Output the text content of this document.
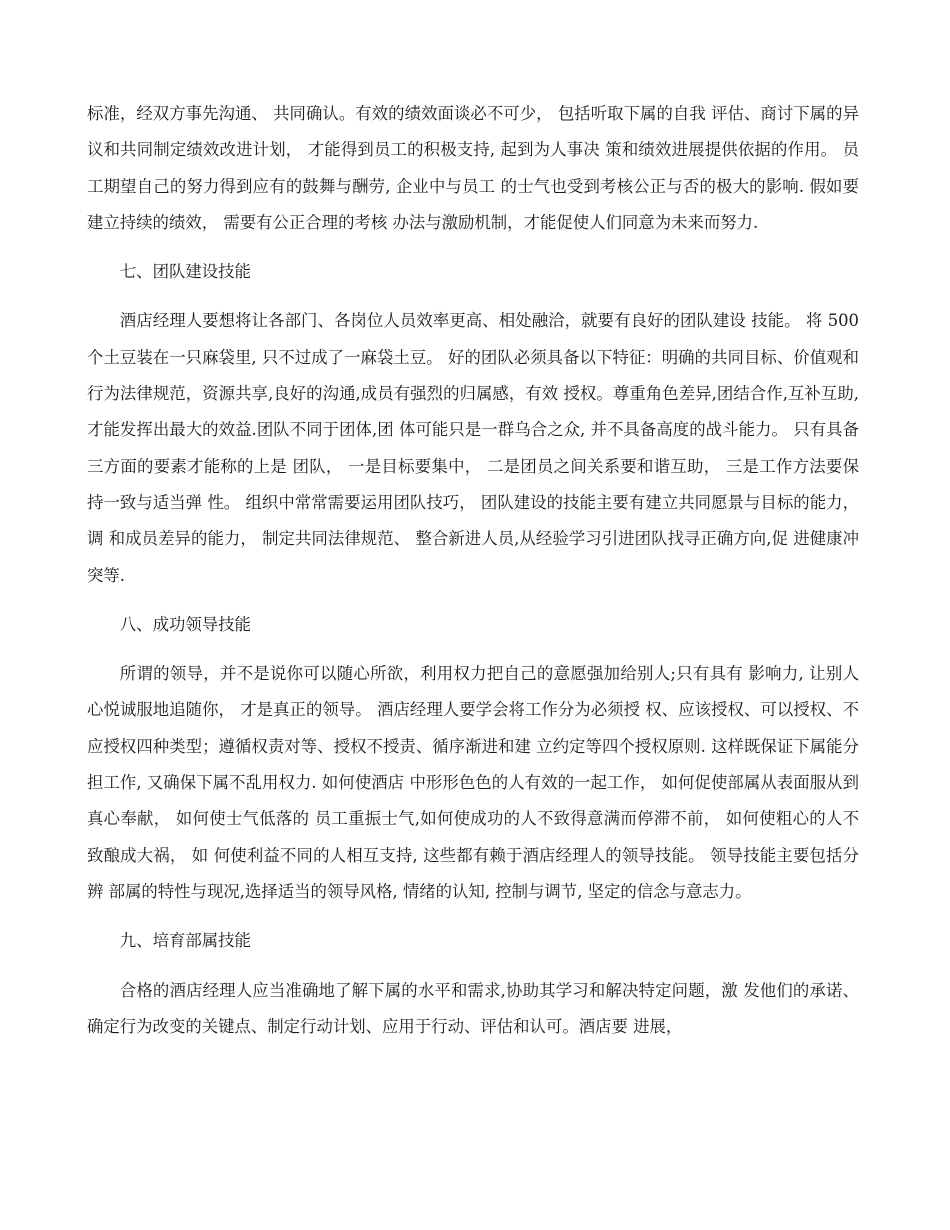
标准，经双方事先沟通、 共同确认。有效的绩效面谈必不可少， 包括听取下属的自我 评估、商讨下属的异议和共同制定绩效改进计划， 才能得到员工的积极支持, 起到为人事决 策和绩效进展提供依据的作用。 员工期望自己的努力得到应有的鼓舞与酬劳, 企业中与员工 的士气也受到考核公正与否的极大的影响. 假如要建立持续的绩效， 需要有公正合理的考核 办法与激励机制，才能促使人们同意为未来而努力.

七、团队建设技能

酒店经理人要想将让各部门、各岗位人员效率更高、相处融洽，就要有良好的团队建设 技能。 将 500 个土豆装在一只麻袋里, 只不过成了一麻袋土豆。 好的团队必须具备以下特征：明确的共同目标、价值观和行为法律规范，资源共享,良好的沟通,成员有强烈的归属感，有效 授权。尊重角色差异,团结合作,互补互助,才能发挥出最大的效益.团队不同于团体,团 体可能只是一群乌合之众, 并不具备高度的战斗能力。 只有具备三方面的要素才能称的上是 团队， 一是目标要集中， 二是团员之间关系要和谐互助， 三是工作方法要保持一致与适当弹 性。 组织中常常需要运用团队技巧， 团队建设的技能主要有建立共同愿景与目标的能力， 调 和成员差异的能力， 制定共同法律规范、 整合新进人员,从经验学习引进团队找寻正确方向,促 进健康冲突等.

八、成功领导技能

所谓的领导，并不是说你可以随心所欲，利用权力把自己的意愿强加给别人;只有具有 影响力, 让别人心悦诚服地追随你， 才是真正的领导。 酒店经理人要学会将工作分为必须授 权、应该授权、可以授权、不应授权四种类型；遵循权责对等、授权不授责、循序渐进和建 立约定等四个授权原则. 这样既保证下属能分担工作, 又确保下属不乱用权力. 如何使酒店 中形形色色的人有效的一起工作， 如何促使部属从表面服从到真心奉献， 如何使士气低落的 员工重振士气,如何使成功的人不致得意满而停滞不前， 如何使粗心的人不致酿成大祸， 如 何使利益不同的人相互支持, 这些都有赖于酒店经理人的领导技能。 领导技能主要包括分辨 部属的特性与现况,选择适当的领导风格, 情绪的认知, 控制与调节, 坚定的信念与意志力。

九、培育部属技能

合格的酒店经理人应当准确地了解下属的水平和需求,协助其学习和解决特定问题，激 发他们的承诺、确定行为改变的关键点、制定行动计划、应用于行动、评估和认可。酒店要 进展，
